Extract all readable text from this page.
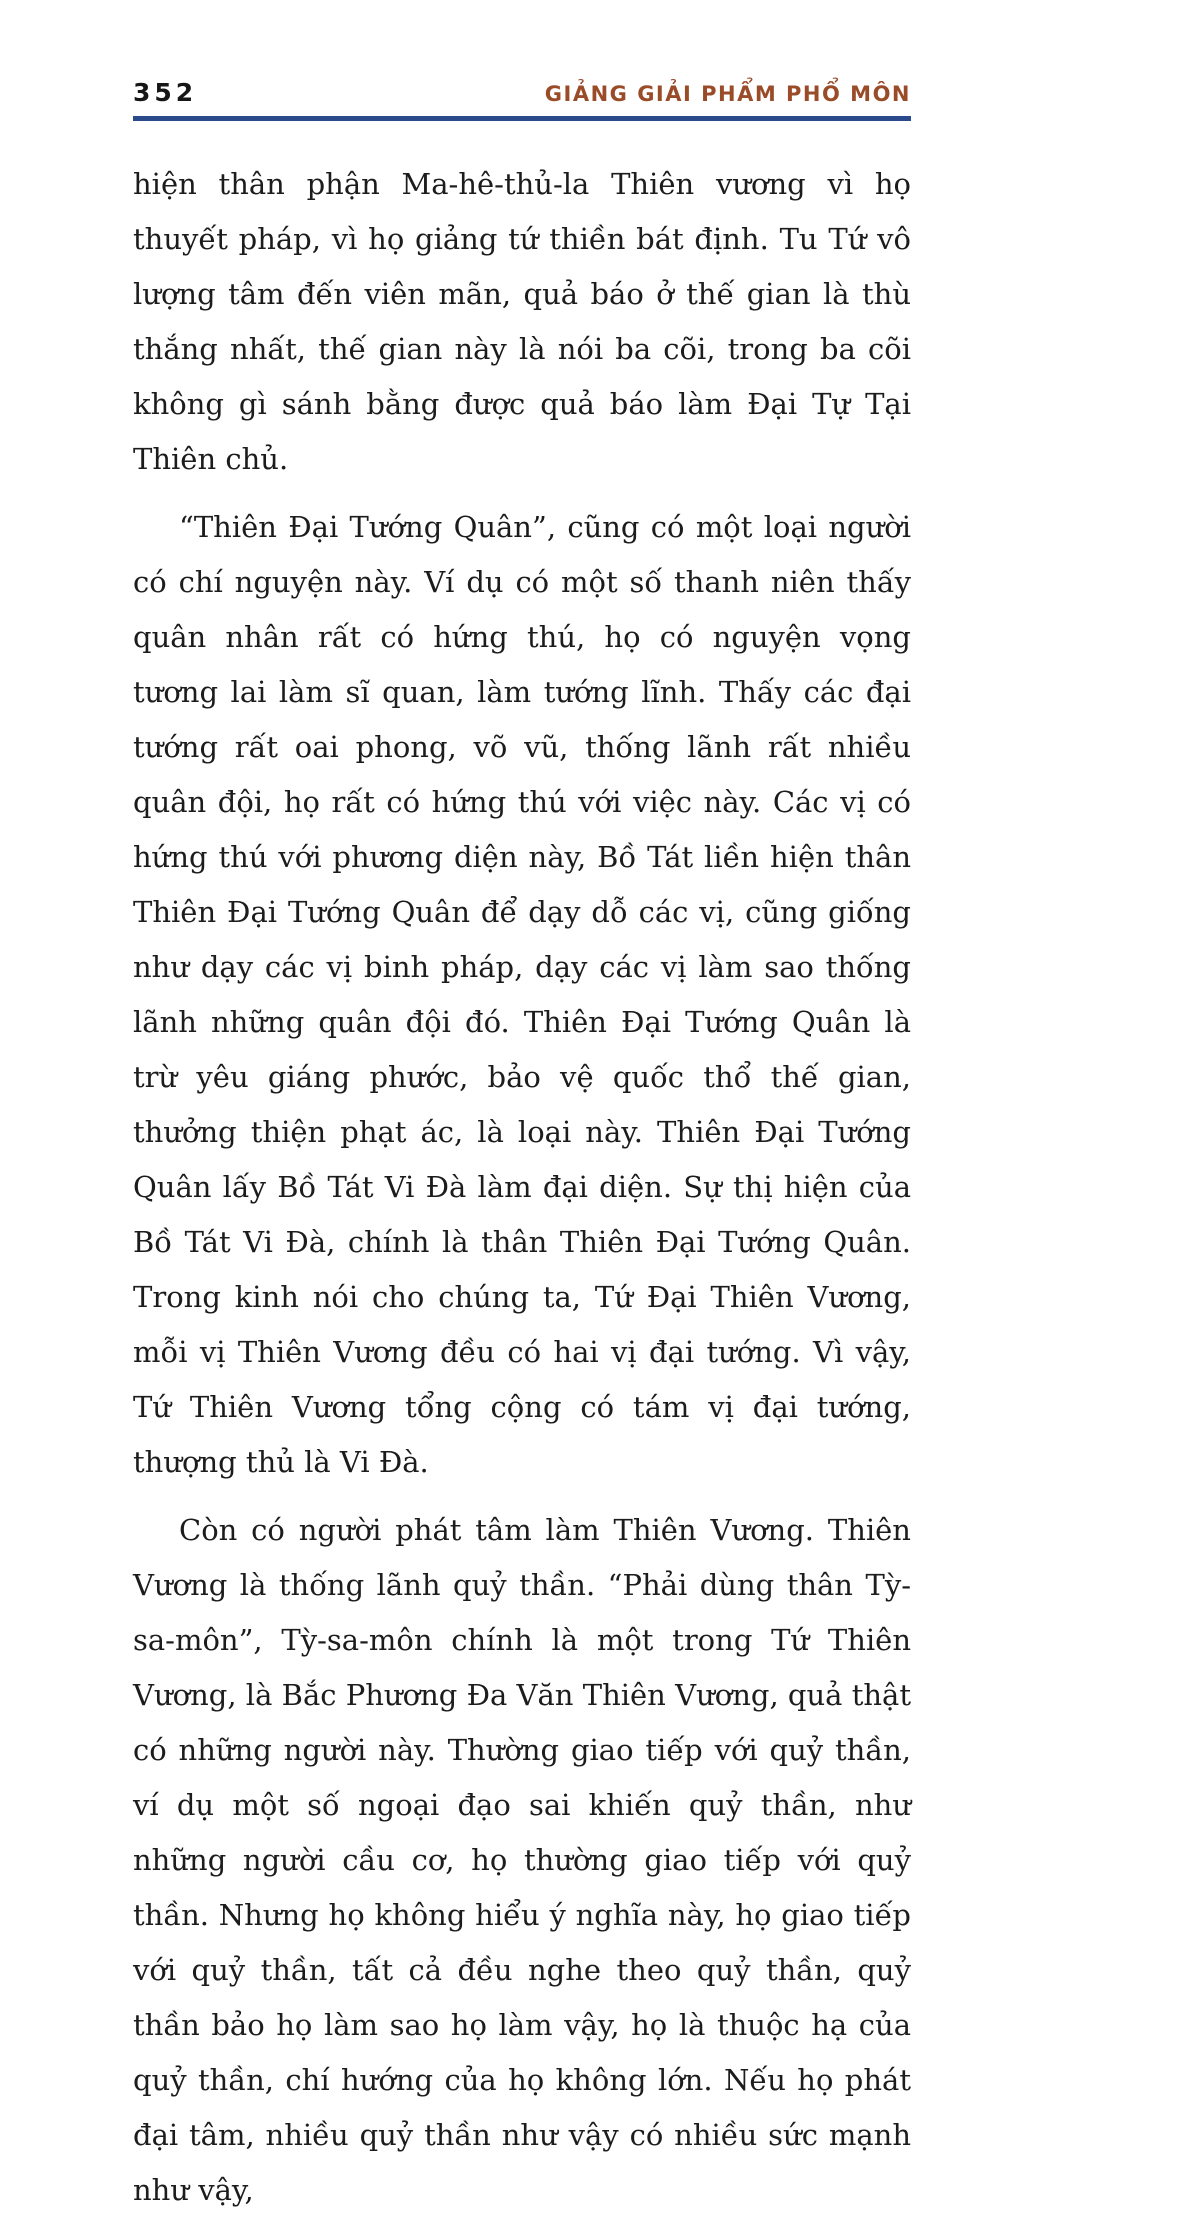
352	GIẢNG GIẢI PHẨM PHỔ MÔN

hiện thân phận Ma-hê-thủ-la Thiên vương vì họ thuyết pháp, vì họ giảng tứ thiền bát định. Tu Tứ vô lượng tâm đến viên mãn, quả báo ở thế gian là thù thắng nhất, thế gian này là nói ba cõi, trong ba cõi không gì sánh bằng được quả báo làm Đại Tự Tại Thiên chủ.

“Thiên Đại Tướng Quân”, cũng có một loại người có chí nguyện này. Ví dụ có một số thanh niên thấy quân nhân rất có hứng thú, họ có nguyện vọng tương lai làm sĩ quan, làm tướng lĩnh. Thấy các đại tướng rất oai phong, võ vũ, thống lãnh rất nhiều quân đội, họ rất có hứng thú với việc này. Các vị có hứng thú với phương diện này, Bồ Tát liền hiện thân Thiên Đại Tướng Quân để dạy dỗ các vị, cũng giống như dạy các vị binh pháp, dạy các vị làm sao thống lãnh những quân đội đó. Thiên Đại Tướng Quân là trừ yêu giáng phước, bảo vệ quốc thổ thế gian, thưởng thiện phạt ác, là loại này. Thiên Đại Tướng Quân lấy Bồ Tát Vi Đà làm đại diện. Sự thị hiện của Bồ Tát Vi Đà, chính là thân Thiên Đại Tướng Quân. Trong kinh nói cho chúng ta, Tứ Đại Thiên Vương, mỗi vị Thiên Vương đều có hai vị đại tướng. Vì vậy, Tứ Thiên Vương tổng cộng có tám vị đại tướng, thượng thủ là Vi Đà.

Còn có người phát tâm làm Thiên Vương. Thiên Vương là thống lãnh quỷ thần. “Phải dùng thân Tỳ-sa-môn”, Tỳ-sa-môn chính là một trong Tứ Thiên Vương, là Bắc Phương Đa Văn Thiên Vương, quả thật có những người này. Thường giao tiếp với quỷ thần, ví dụ một số ngoại đạo sai khiến quỷ thần, như những người cầu cơ, họ thường giao tiếp với quỷ thần. Nhưng họ không hiểu ý nghĩa này, họ giao tiếp với quỷ thần, tất cả đều nghe theo quỷ thần, quỷ thần bảo họ làm sao họ làm vậy, họ là thuộc hạ của quỷ thần, chí hướng của họ không lớn. Nếu họ phát đại tâm, nhiều quỷ thần như vậy có nhiều sức mạnh như vậy,
